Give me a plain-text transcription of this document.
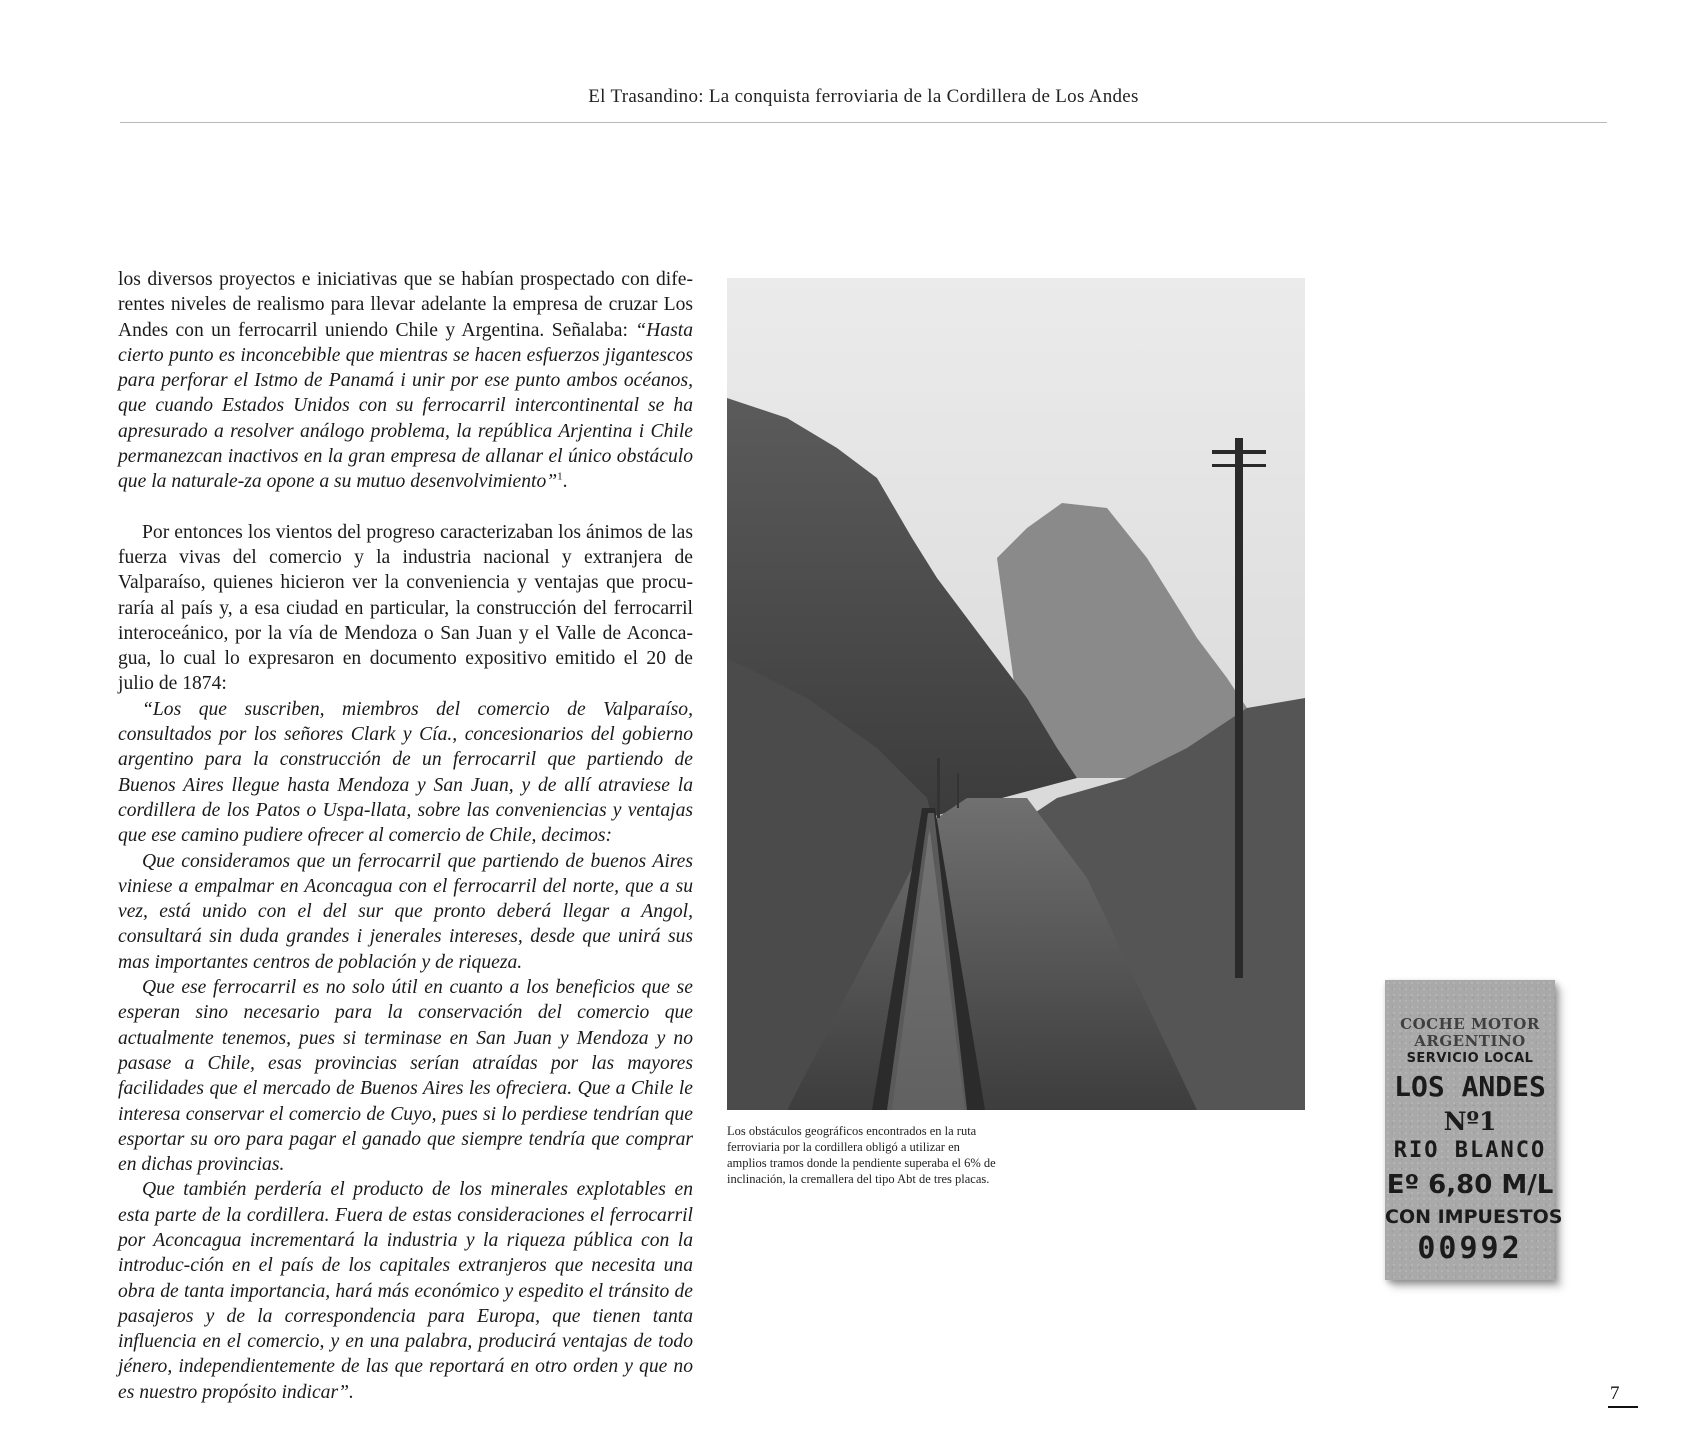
El Trasandino: La conquista ferroviaria de la Cordillera de Los Andes

los diversos proyectos e iniciativas que se habían prospectado con dife-rentes niveles de realismo para llevar adelante la empresa de cruzar Los Andes con un ferrocarril uniendo Chile y Argentina. Señalaba: “Hasta cierto punto es inconcebible que mientras se hacen esfuerzos jigantescos para perforar el Istmo de Panamá i unir por ese punto ambos océanos, que cuando Estados Unidos con su ferrocarril intercontinental se ha apresurado a resolver análogo problema, la república Arjentina i Chile permanezcan inactivos en la gran empresa de allanar el único obstáculo que la naturale-za opone a su mutuo desenvolvimiento”$^1$.

Por entonces los vientos del progreso caracterizaban los ánimos de las fuerza vivas del comercio y la industria nacional y extranjera de Valparaíso, quienes hicieron ver la conveniencia y ventajas que procu-raría al país y, a esa ciudad en particular, la construcción del ferrocarril interoceánico, por la vía de Mendoza o San Juan y el Valle de Aconca-gua, lo cual lo expresaron en documento expositivo emitido el 20 de julio de 1874:

“Los que suscriben, miembros del comercio de Valparaíso, consultados por los señores Clark y Cía., concesionarios del gobierno argentino para la construcción de un ferrocarril que partiendo de Buenos Aires llegue hasta Mendoza y San Juan, y de allí atraviese la cordillera de los Patos o Uspa-llata, sobre las conveniencias y ventajas que ese camino pudiere ofrecer al comercio de Chile, decimos:

Que consideramos que un ferrocarril que partiendo de buenos Aires viniese a empalmar en Aconcagua con el ferrocarril del norte, que a su vez, está unido con el del sur que pronto deberá llegar a Angol, consultará sin duda grandes i jenerales intereses, desde que unirá sus mas importantes centros de población y de riqueza.

Que ese ferrocarril es no solo útil en cuanto a los beneficios que se esperan sino necesario para la conservación del comercio que actualmente tenemos, pues si terminase en San Juan y Mendoza y no pasase a Chile, esas provincias serían atraídas por las mayores facilidades que el mercado de Buenos Aires les ofreciera. Que a Chile le interesa conservar el comercio de Cuyo, pues si lo perdiese tendrían que esportar su oro para pagar el ganado que siempre tendría que comprar en dichas provincias.

Que también perdería el producto de los minerales explotables en esta parte de la cordillera. Fuera de estas consideraciones el ferrocarril por Aconcagua incrementará la industria y la riqueza pública con la introduc-ción en el país de los capitales extranjeros que necesita una obra de tanta importancia, hará más económico y espedito el tránsito de pasajeros y de la correspondencia para Europa, que tienen tanta influencia en el comercio, y en una palabra, producirá ventajas de todo jénero, independientemente de las que reportará en otro orden y que no es nuestro propósito indicar”.

Los obstáculos geográficos encontrados en la ruta ferroviaria por la cordillera obligó a utilizar en amplios tramos donde la pendiente superaba el 6% de inclinación, la cremallera del tipo Abt de tres placas.
COCHE MOTOR
ARGENTINO
SERVICIO LOCAL
LOS ANDES
Nº1
RIO BLANCO
Eº 6,80 M/L
CON IMPUESTOS
00992
7
